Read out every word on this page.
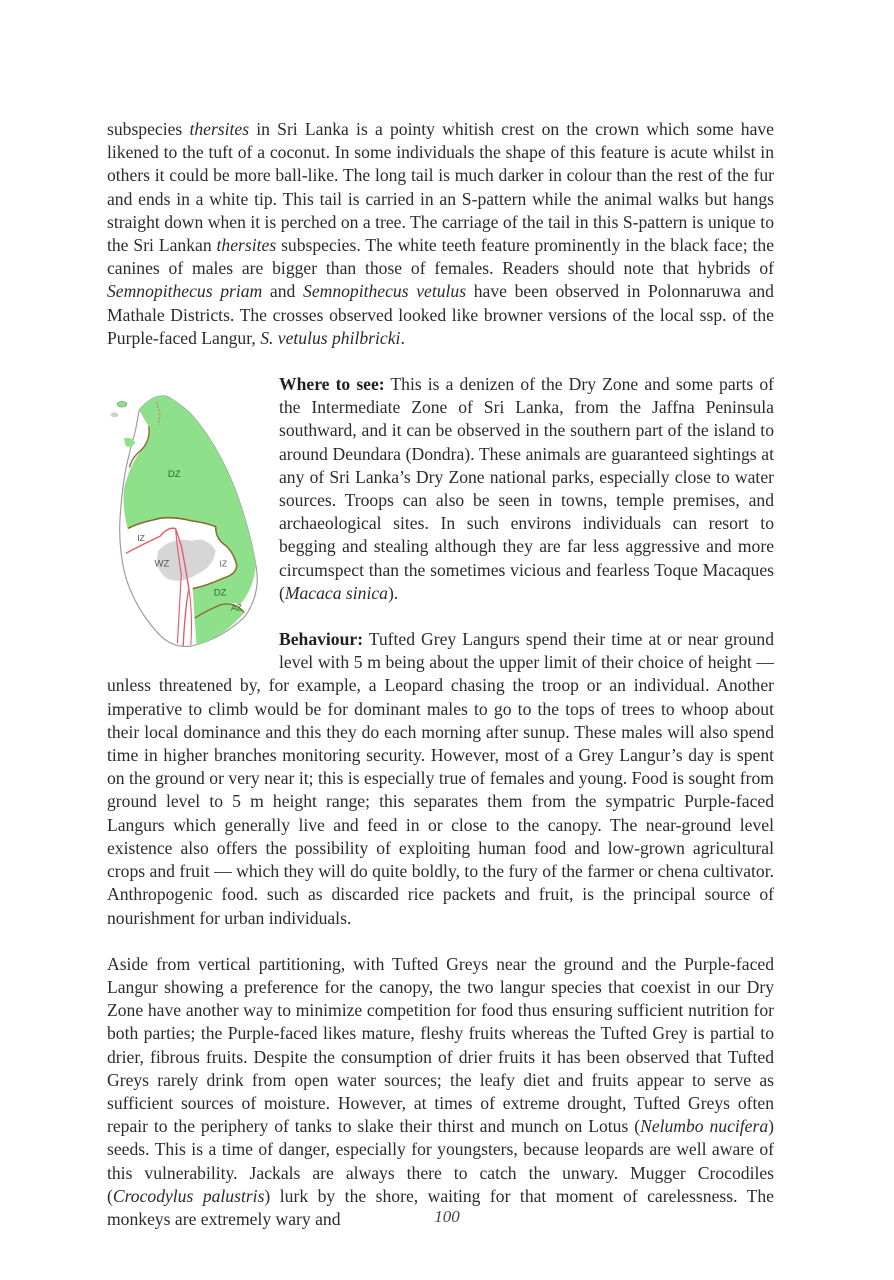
subspecies thersites in Sri Lanka is a pointy whitish crest on the crown which some have likened to the tuft of a coconut. In some individuals the shape of this feature is acute whilst in others it could be more ball-like. The long tail is much darker in colour than the rest of the fur and ends in a white tip. This tail is carried in an S-pattern while the animal walks but hangs straight down when it is perched on a tree. The carriage of the tail in this S-pattern is unique to the Sri Lankan thersites subspecies. The white teeth feature prominently in the black face; the canines of males are bigger than those of females. Readers should note that hybrids of Semnopithecus priam and Semnopithecus vetulus have been observed in Polonnaruwa and Mathale Districts. The crosses observed looked like browner versions of the local ssp. of the Purple-faced Langur, S. vetulus philbricki.

DZ
IZ
WZ	IZ
DZ
AZ

Where to see: This is a denizen of the Dry Zone and some parts of the Intermediate Zone of Sri Lanka, from the Jaffna Peninsula southward, and it can be observed in the southern part of the island to around Deundara (Dondra). These animals are guaranteed sightings at any of Sri Lanka’s Dry Zone national parks, especially close to water sources. Troops can also be seen in towns, temple premises, and archaeological sites. In such environs individuals can resort to begging and stealing although they are far less aggressive and more circumspect than the sometimes vicious and fearless Toque Macaques (Macaca sinica).

Behaviour: Tufted Grey Langurs spend their time at or near ground level with 5 m being about the upper limit of their choice of height — unless threatened by, for example, a Leopard chasing the troop or an individual. Another imperative to climb would be for dominant males to go to the tops of trees to whoop about their local dominance and this they do each morning after sunup. These males will also spend time in higher branches monitoring security. However, most of a Grey Langur’s day is spent on the ground or very near it; this is especially true of females and young. Food is sought from ground level to 5 m height range; this separates them from the sympatric Purple-faced Langurs which generally live and feed in or close to the canopy. The near-ground level existence also offers the possibility of exploiting human food and low-grown agricultural crops and fruit — which they will do quite boldly, to the fury of the farmer or chena cultivator. Anthropogenic food. such as discarded rice packets and fruit, is the principal source of nourishment for urban individuals.

Aside from vertical partitioning, with Tufted Greys near the ground and the Purple-faced Langur showing a preference for the canopy, the two langur species that coexist in our Dry Zone have another way to minimize competition for food thus ensuring sufficient nutrition for both parties; the Purple-faced likes mature, fleshy fruits whereas the Tufted Grey is partial to drier, fibrous fruits. Despite the consumption of drier fruits it has been observed that Tufted Greys rarely drink from open water sources; the leafy diet and fruits appear to serve as sufficient sources of moisture. However, at times of extreme drought, Tufted Greys often repair to the periphery of tanks to slake their thirst and munch on Lotus (Nelumbo nucifera) seeds. This is a time of danger, especially for youngsters, because leopards are well aware of this vulnerability. Jackals are always there to catch the unwary. Mugger Crocodiles (Crocodylus palustris) lurk by the shore, waiting for that moment of carelessness. The monkeys are extremely wary and	100
